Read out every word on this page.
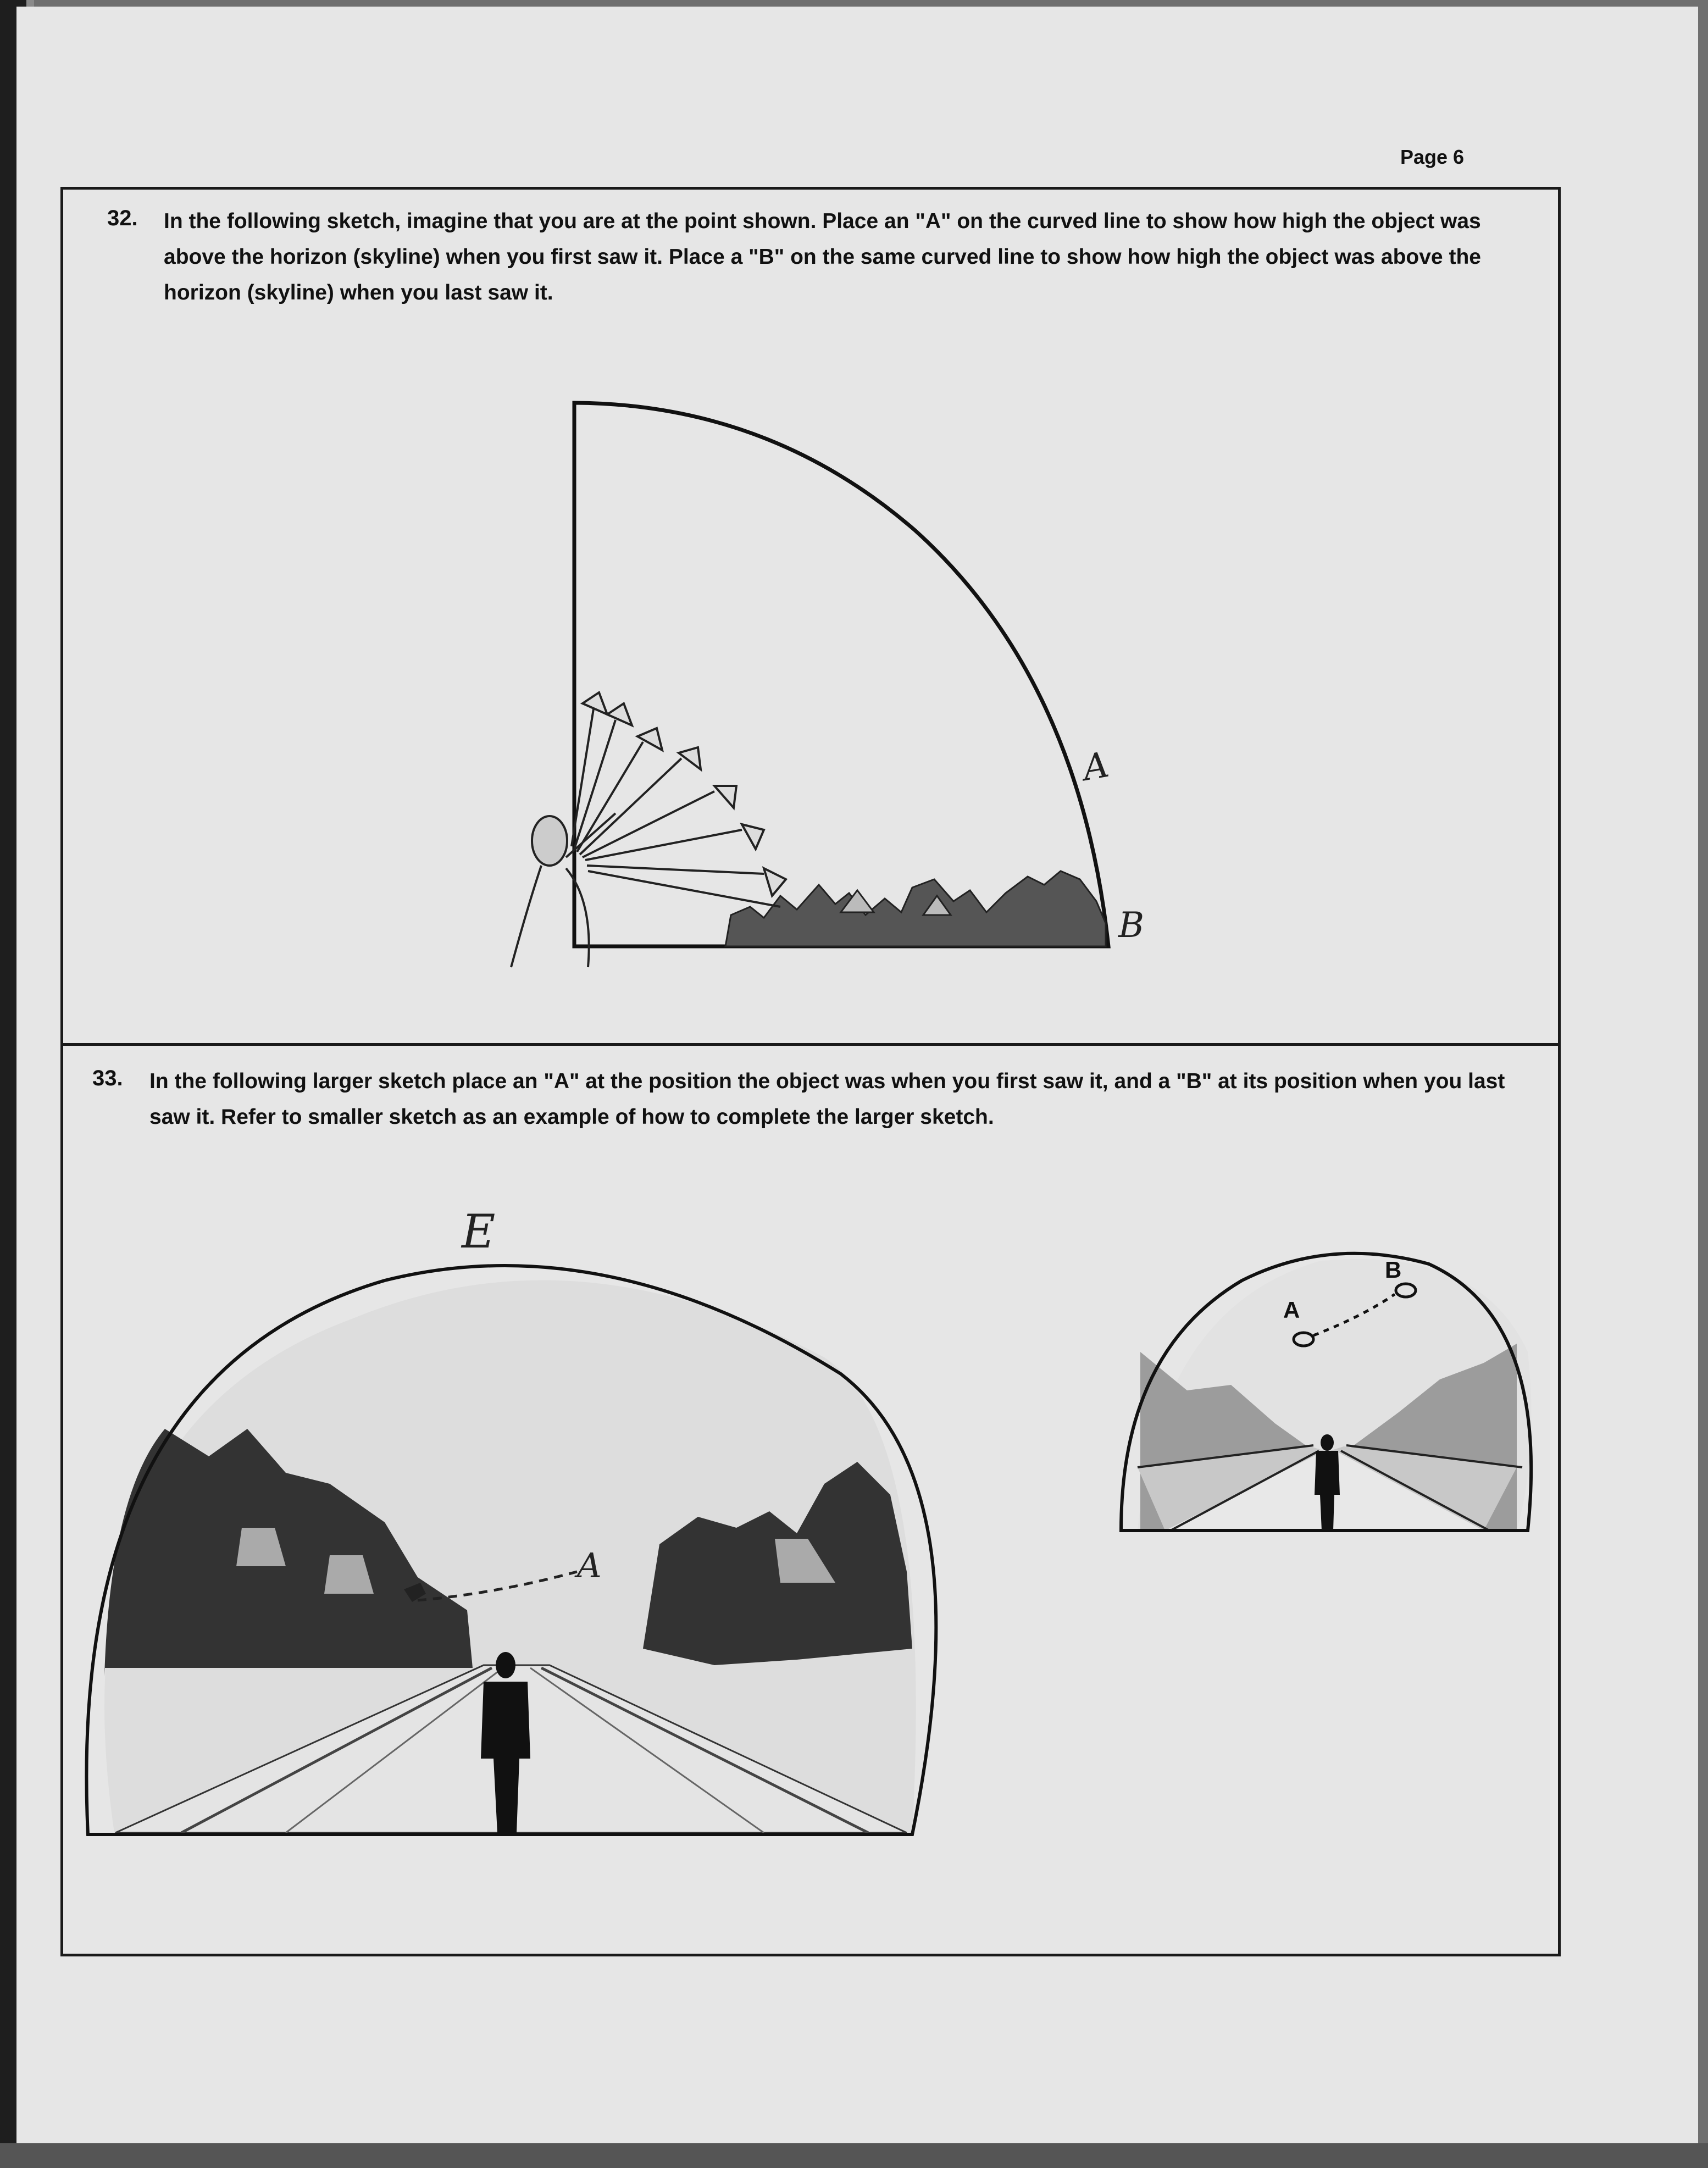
Page 6
32. In the following sketch, imagine that you are at the point shown. Place an "A" on the curved line to show how high the object was above the horizon (skyline) when you first saw it. Place a "B" on the same curved line to show how high the object was above the horizon (skyline) when you last saw it.
33. In the following larger sketch place an "A" at the position the object was when you first saw it, and a "B" at its position when you last saw it. Refer to smaller sketch as an example of how to complete the larger sketch.
A
B
E
A
A
B
